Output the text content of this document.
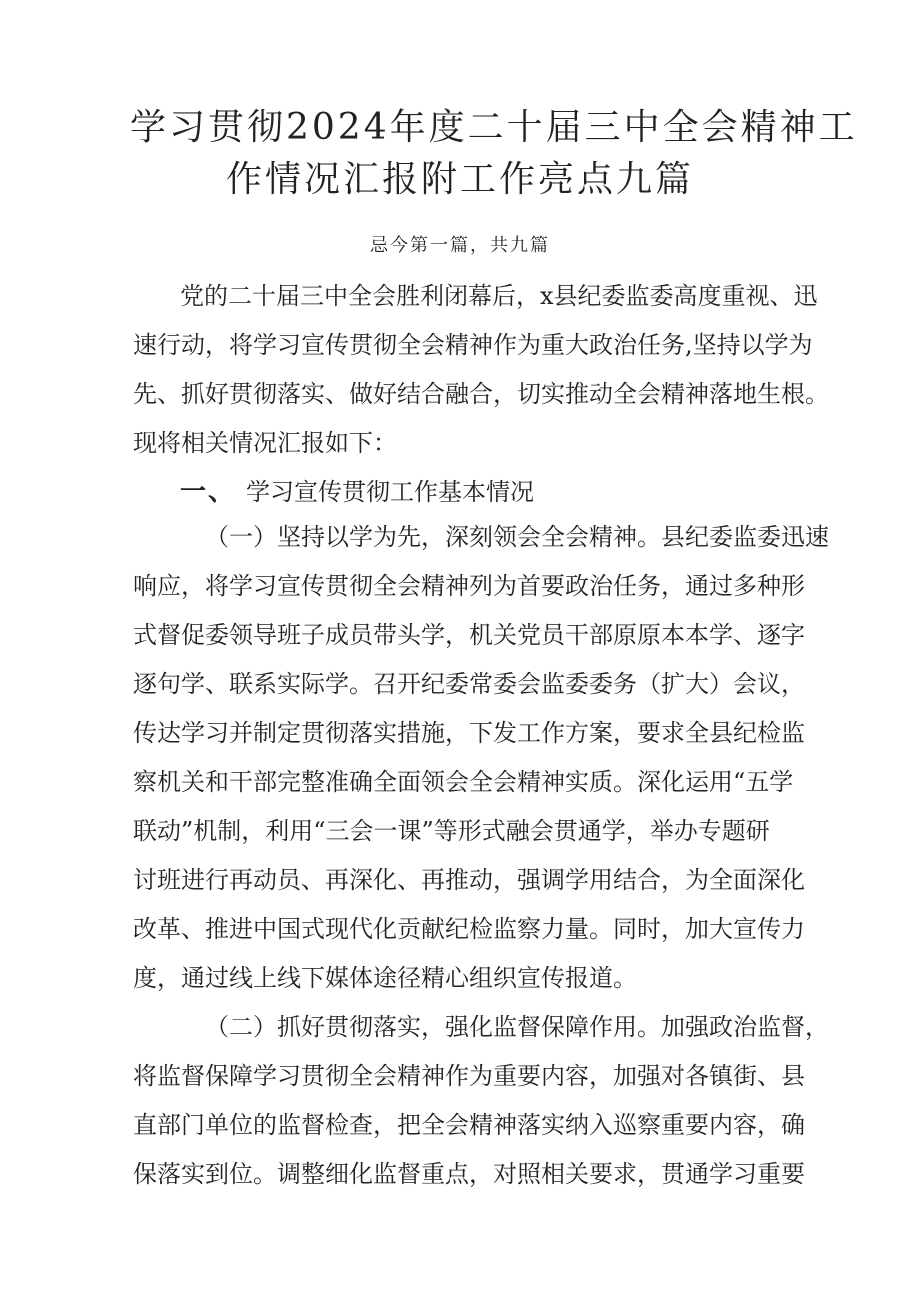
学习贯彻2024年度二十届三中全会精神工
作情况汇报附工作亮点九篇
忌今第一篇，共九篇
党的二十届三中全会胜利闭幕后，x县纪委监委高度重视、迅
速行动，将学习宣传贯彻全会精神作为重大政治任务,坚持以学为
先、抓好贯彻落实、做好结合融合，切实推动全会精神落地生根。
现将相关情况汇报如下：
一、 学习宣传贯彻工作基本情况
（一）坚持以学为先，深刻领会全会精神。县纪委监委迅速
响应，将学习宣传贯彻全会精神列为首要政治任务，通过多种形
式督促委领导班子成员带头学，机关党员干部原原本本学、逐字
逐句学、联系实际学。召开纪委常委会监委委务（扩大）会议，
传达学习并制定贯彻落实措施，下发工作方案，要求全县纪检监
察机关和干部完整准确全面领会全会精神实质。深化运用“五学
联动”机制，利用“三会一课”等形式融会贯通学，举办专题研
讨班进行再动员、再深化、再推动，强调学用结合，为全面深化
改革、推进中国式现代化贡献纪检监察力量。同时，加大宣传力
度，通过线上线下媒体途径精心组织宣传报道。
（二）抓好贯彻落实，强化监督保障作用。加强政治监督，
将监督保障学习贯彻全会精神作为重要内容，加强对各镇街、县
直部门单位的监督检查，把全会精神落实纳入巡察重要内容，确
保落实到位。调整细化监督重点，对照相关要求，贯通学习重要
